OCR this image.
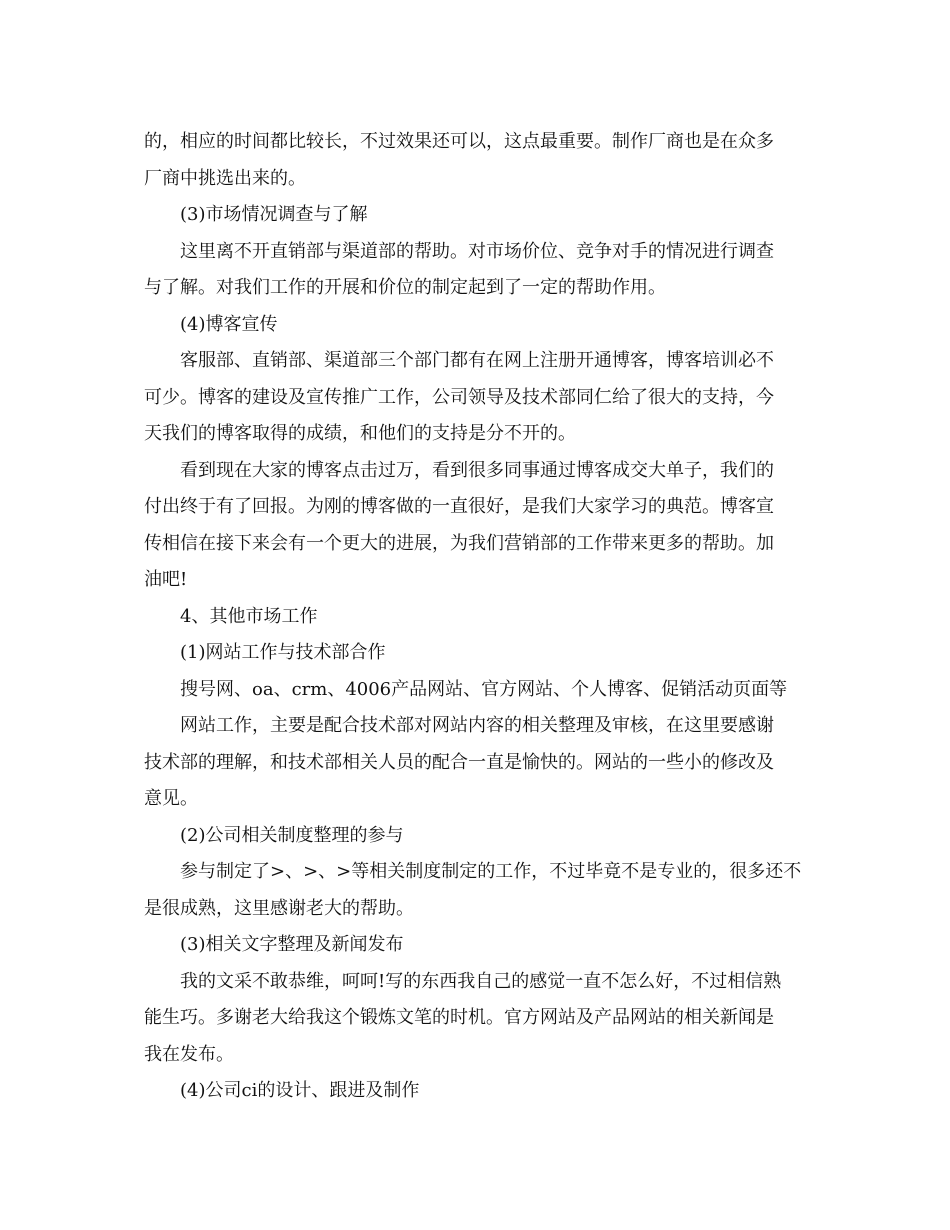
的，相应的时间都比较长，不过效果还可以，这点最重要。制作厂商也是在众多
厂商中挑选出来的。
(3)市场情况调查与了解
这里离不开直销部与渠道部的帮助。对市场价位、竞争对手的情况进行调查
与了解。对我们工作的开展和价位的制定起到了一定的帮助作用。
(4)博客宣传
客服部、直销部、渠道部三个部门都有在网上注册开通博客，博客培训必不
可少。博客的建设及宣传推广工作，公司领导及技术部同仁给了很大的支持，今
天我们的博客取得的成绩，和他们的支持是分不开的。
看到现在大家的博客点击过万，看到很多同事通过博客成交大单子，我们的
付出终于有了回报。为刚的博客做的一直很好，是我们大家学习的典范。博客宣
传相信在接下来会有一个更大的进展，为我们营销部的工作带来更多的帮助。加
油吧!
4、其他市场工作
(1)网站工作与技术部合作
搜号网、oa、crm、4006产品网站、官方网站、个人博客、促销活动页面等
网站工作，主要是配合技术部对网站内容的相关整理及审核，在这里要感谢
技术部的理解，和技术部相关人员的配合一直是愉快的。网站的一些小的修改及
意见。
(2)公司相关制度整理的参与
参与制定了>、>、>等相关制度制定的工作，不过毕竟不是专业的，很多还不
是很成熟，这里感谢老大的帮助。
(3)相关文字整理及新闻发布
我的文采不敢恭维，呵呵!写的东西我自己的感觉一直不怎么好，不过相信熟
能生巧。多谢老大给我这个锻炼文笔的时机。官方网站及产品网站的相关新闻是
我在发布。
(4)公司ci的设计、跟进及制作
